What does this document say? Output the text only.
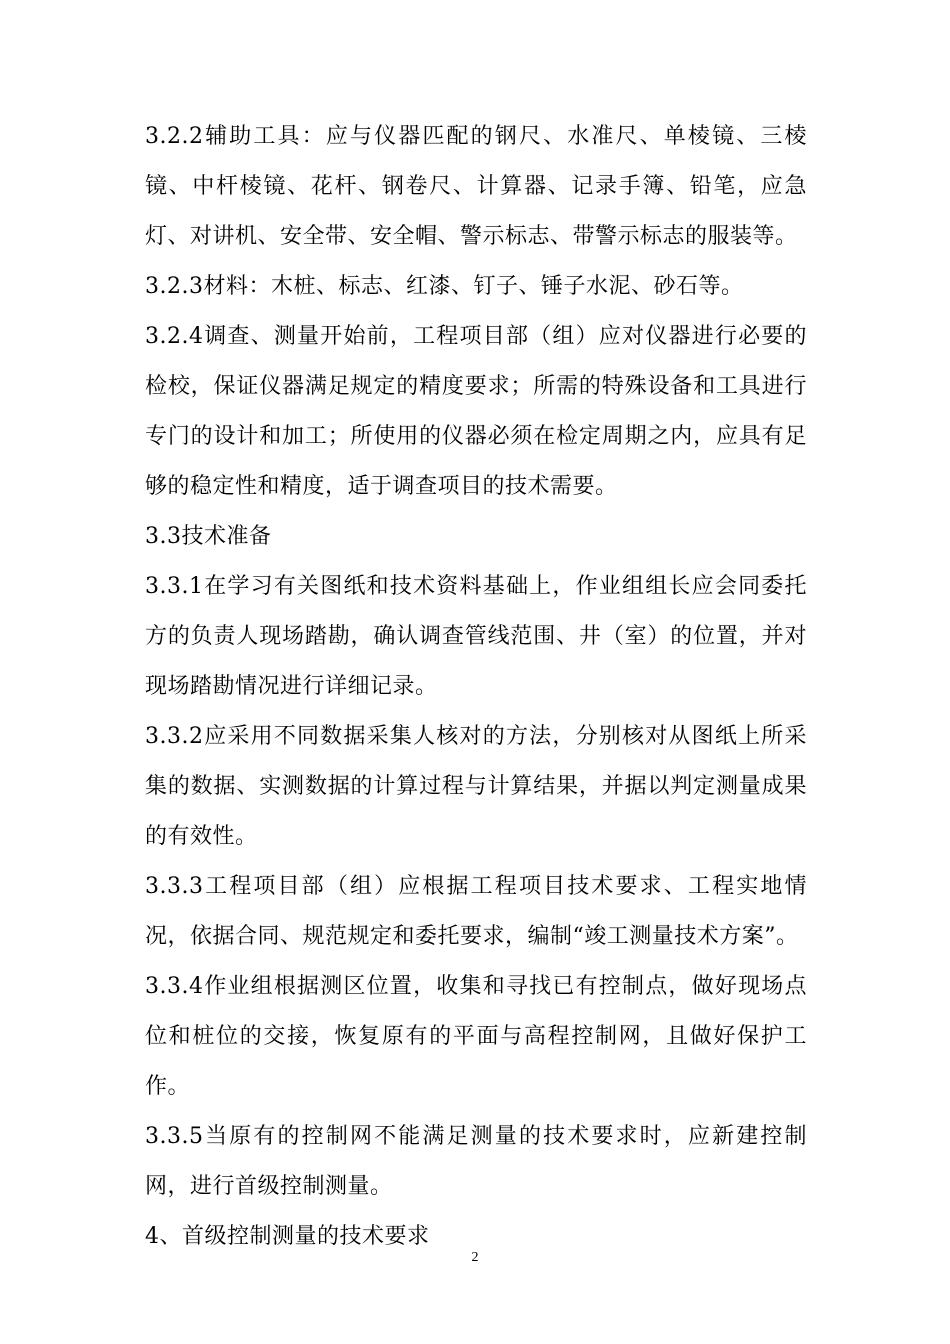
3.2.2辅助工具：应与仪器匹配的钢尺、水准尺、单棱镜、三棱镜、中杆棱镜、花杆、钢卷尺、计算器、记录手簿、铅笔，应急灯、对讲机、安全带、安全帽、警示标志、带警示标志的服装等。

3.2.3材料：木桩、标志、红漆、钉子、锤子水泥、砂石等。

3.2.4调查、测量开始前，工程项目部（组）应对仪器进行必要的检校，保证仪器满足规定的精度要求；所需的特殊设备和工具进行专门的设计和加工；所使用的仪器必须在检定周期之内，应具有足够的稳定性和精度，适于调查项目的技术需要。

3.3技术准备

3.3.1在学习有关图纸和技术资料基础上，作业组组长应会同委托方的负责人现场踏勘，确认调查管线范围、井（室）的位置，并对现场踏勘情况进行详细记录。

3.3.2应采用不同数据采集人核对的方法，分别核对从图纸上所采集的数据、实测数据的计算过程与计算结果，并据以判定测量成果的有效性。

3.3.3工程项目部（组）应根据工程项目技术要求、工程实地情况，依据合同、规范规定和委托要求，编制“竣工测量技术方案”。

3.3.4作业组根据测区位置，收集和寻找已有控制点，做好现场点位和桩位的交接，恢复原有的平面与高程控制网，且做好保护工作。

3.3.5当原有的控制网不能满足测量的技术要求时，应新建控制网，进行首级控制测量。

4、首级控制测量的技术要求

2
